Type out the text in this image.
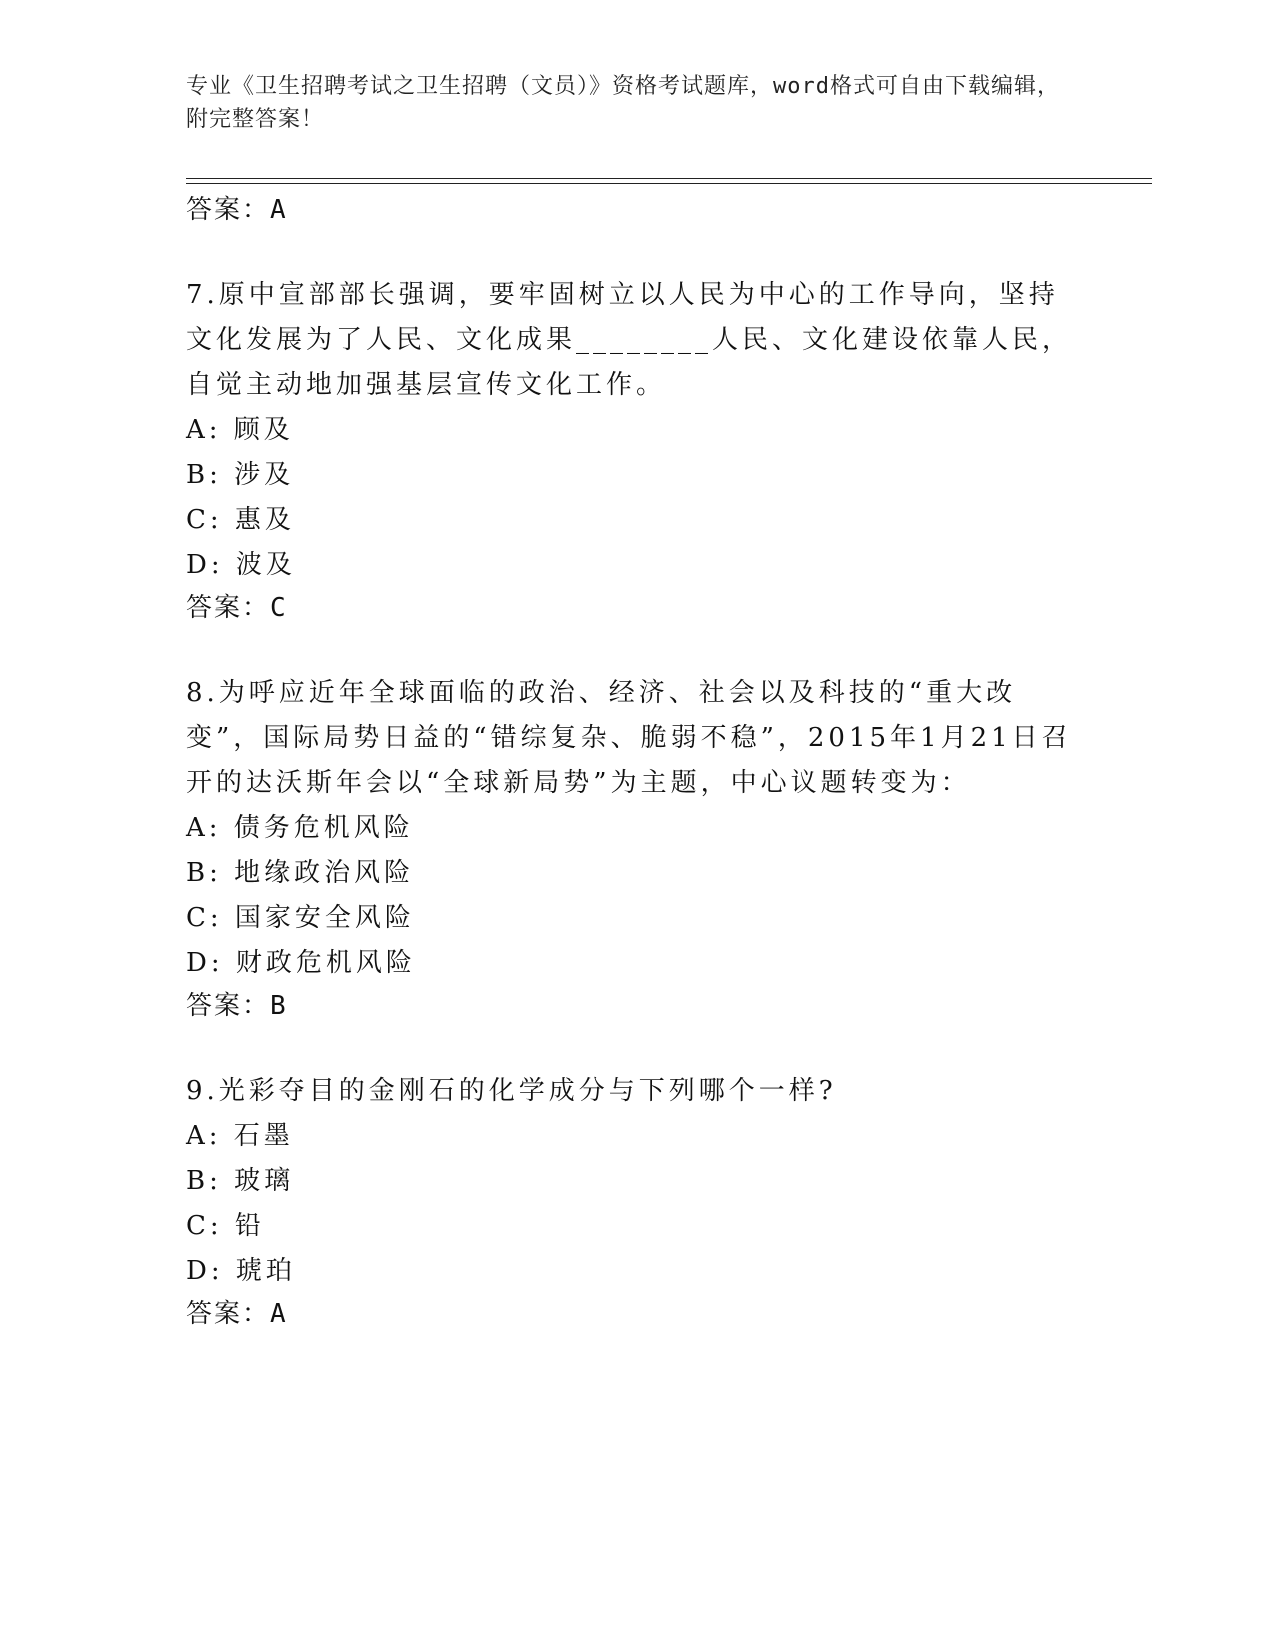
专业《卫生招聘考试之卫生招聘（文员）》资格考试题库，word格式可自由下载编辑，附完整答案！
答案：A
7.原中宣部部长强调，要牢固树立以人民为中心的工作导向，坚持文化发展为了人民、文化成果________人民、文化建设依靠人民，自觉主动地加强基层宣传文化工作。
A: 顾及
B: 涉及
C: 惠及
D: 波及
答案：C
8.为呼应近年全球面临的政治、经济、社会以及科技的“重大改变”，国际局势日益的“错综复杂、脆弱不稳”，2015年1月21日召开的达沃斯年会以“全球新局势”为主题，中心议题转变为：
A: 债务危机风险
B: 地缘政治风险
C: 国家安全风险
D: 财政危机风险
答案：B
9.光彩夺目的金刚石的化学成分与下列哪个一样?
A: 石墨
B: 玻璃
C: 铅
D: 琥珀
答案：A
